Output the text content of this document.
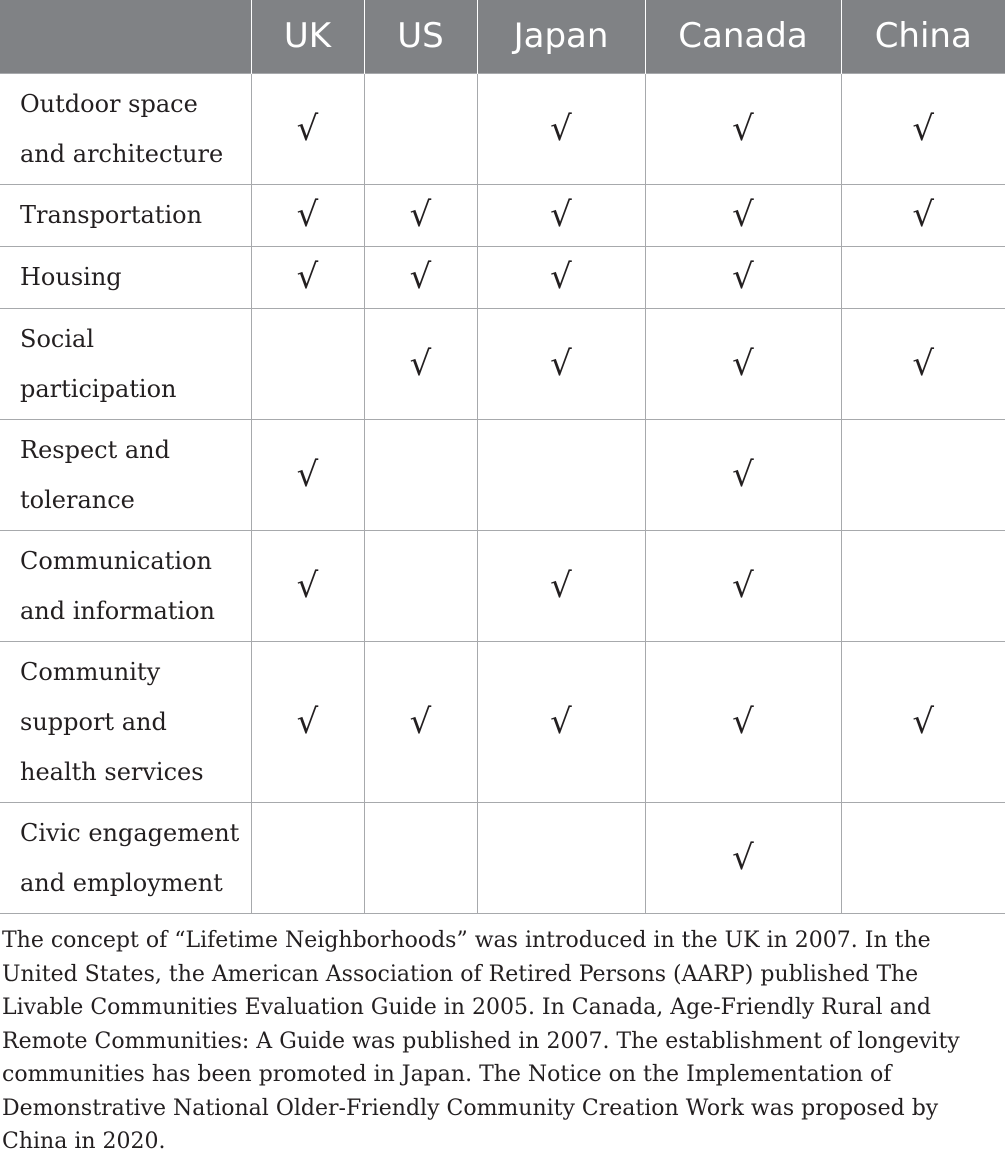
	UK	US	Japan	Canada	China
Outdoor space and architecture	√		√	√	√
Transportation	√	√	√	√	√
Housing	√	√	√	√	
Social participation		√	√	√	√
Respect and tolerance	√			√	
Communication and information	√		√	√	
Community support and health services	√	√	√	√	√
Civic engagement and employment				√	

The concept of “Lifetime Neighborhoods” was introduced in the UK in 2007. In the United States, the American Association of Retired Persons (AARP) published The Livable Communities Evaluation Guide in 2005. In Canada, Age-Friendly Rural and Remote Communities: A Guide was published in 2007. The establishment of longevity communities has been promoted in Japan. The Notice on the Implementation of Demonstrative National Older-Friendly Community Creation Work was proposed by China in 2020.
